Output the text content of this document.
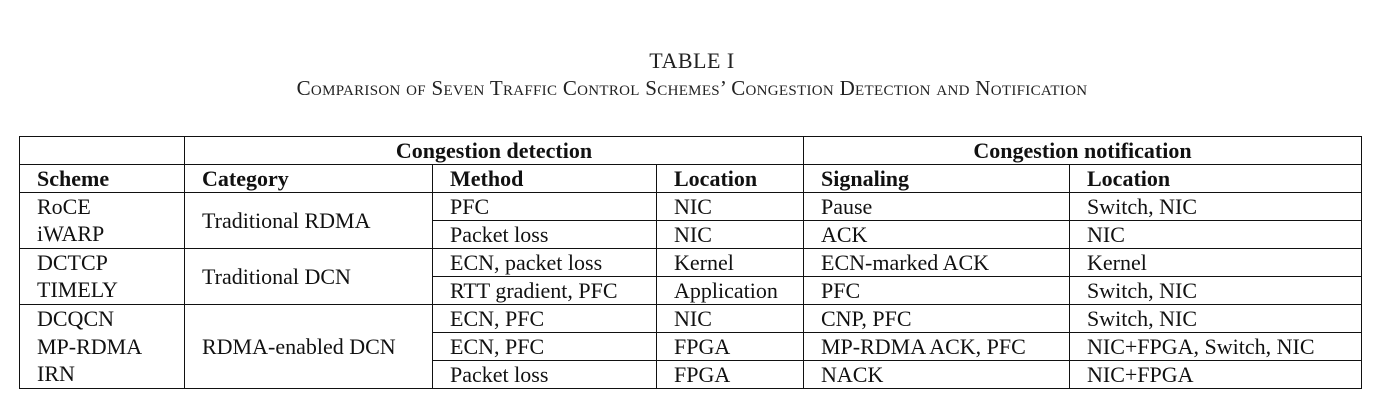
TABLE I
Comparison of Seven Traffic Control Schemes’ Congestion Detection and Notification
	Congestion detection			Congestion notification	
Scheme	Category	Method	Location	Signaling	Location
RoCE	Traditional RDMA	PFC	NIC	Pause	Switch, NIC
iWARP		Packet loss	NIC	ACK	NIC
DCTCP	Traditional DCN	ECN, packet loss	Kernel	ECN-marked ACK	Kernel
TIMELY		RTT gradient, PFC	Application	PFC	Switch, NIC
DCQCN	RDMA-enabled DCN	ECN, PFC	NIC	CNP, PFC	Switch, NIC
MP-RDMA		ECN, PFC	FPGA	MP-RDMA ACK, PFC	NIC+FPGA, Switch, NIC
IRN		Packet loss	FPGA	NACK	NIC+FPGA
